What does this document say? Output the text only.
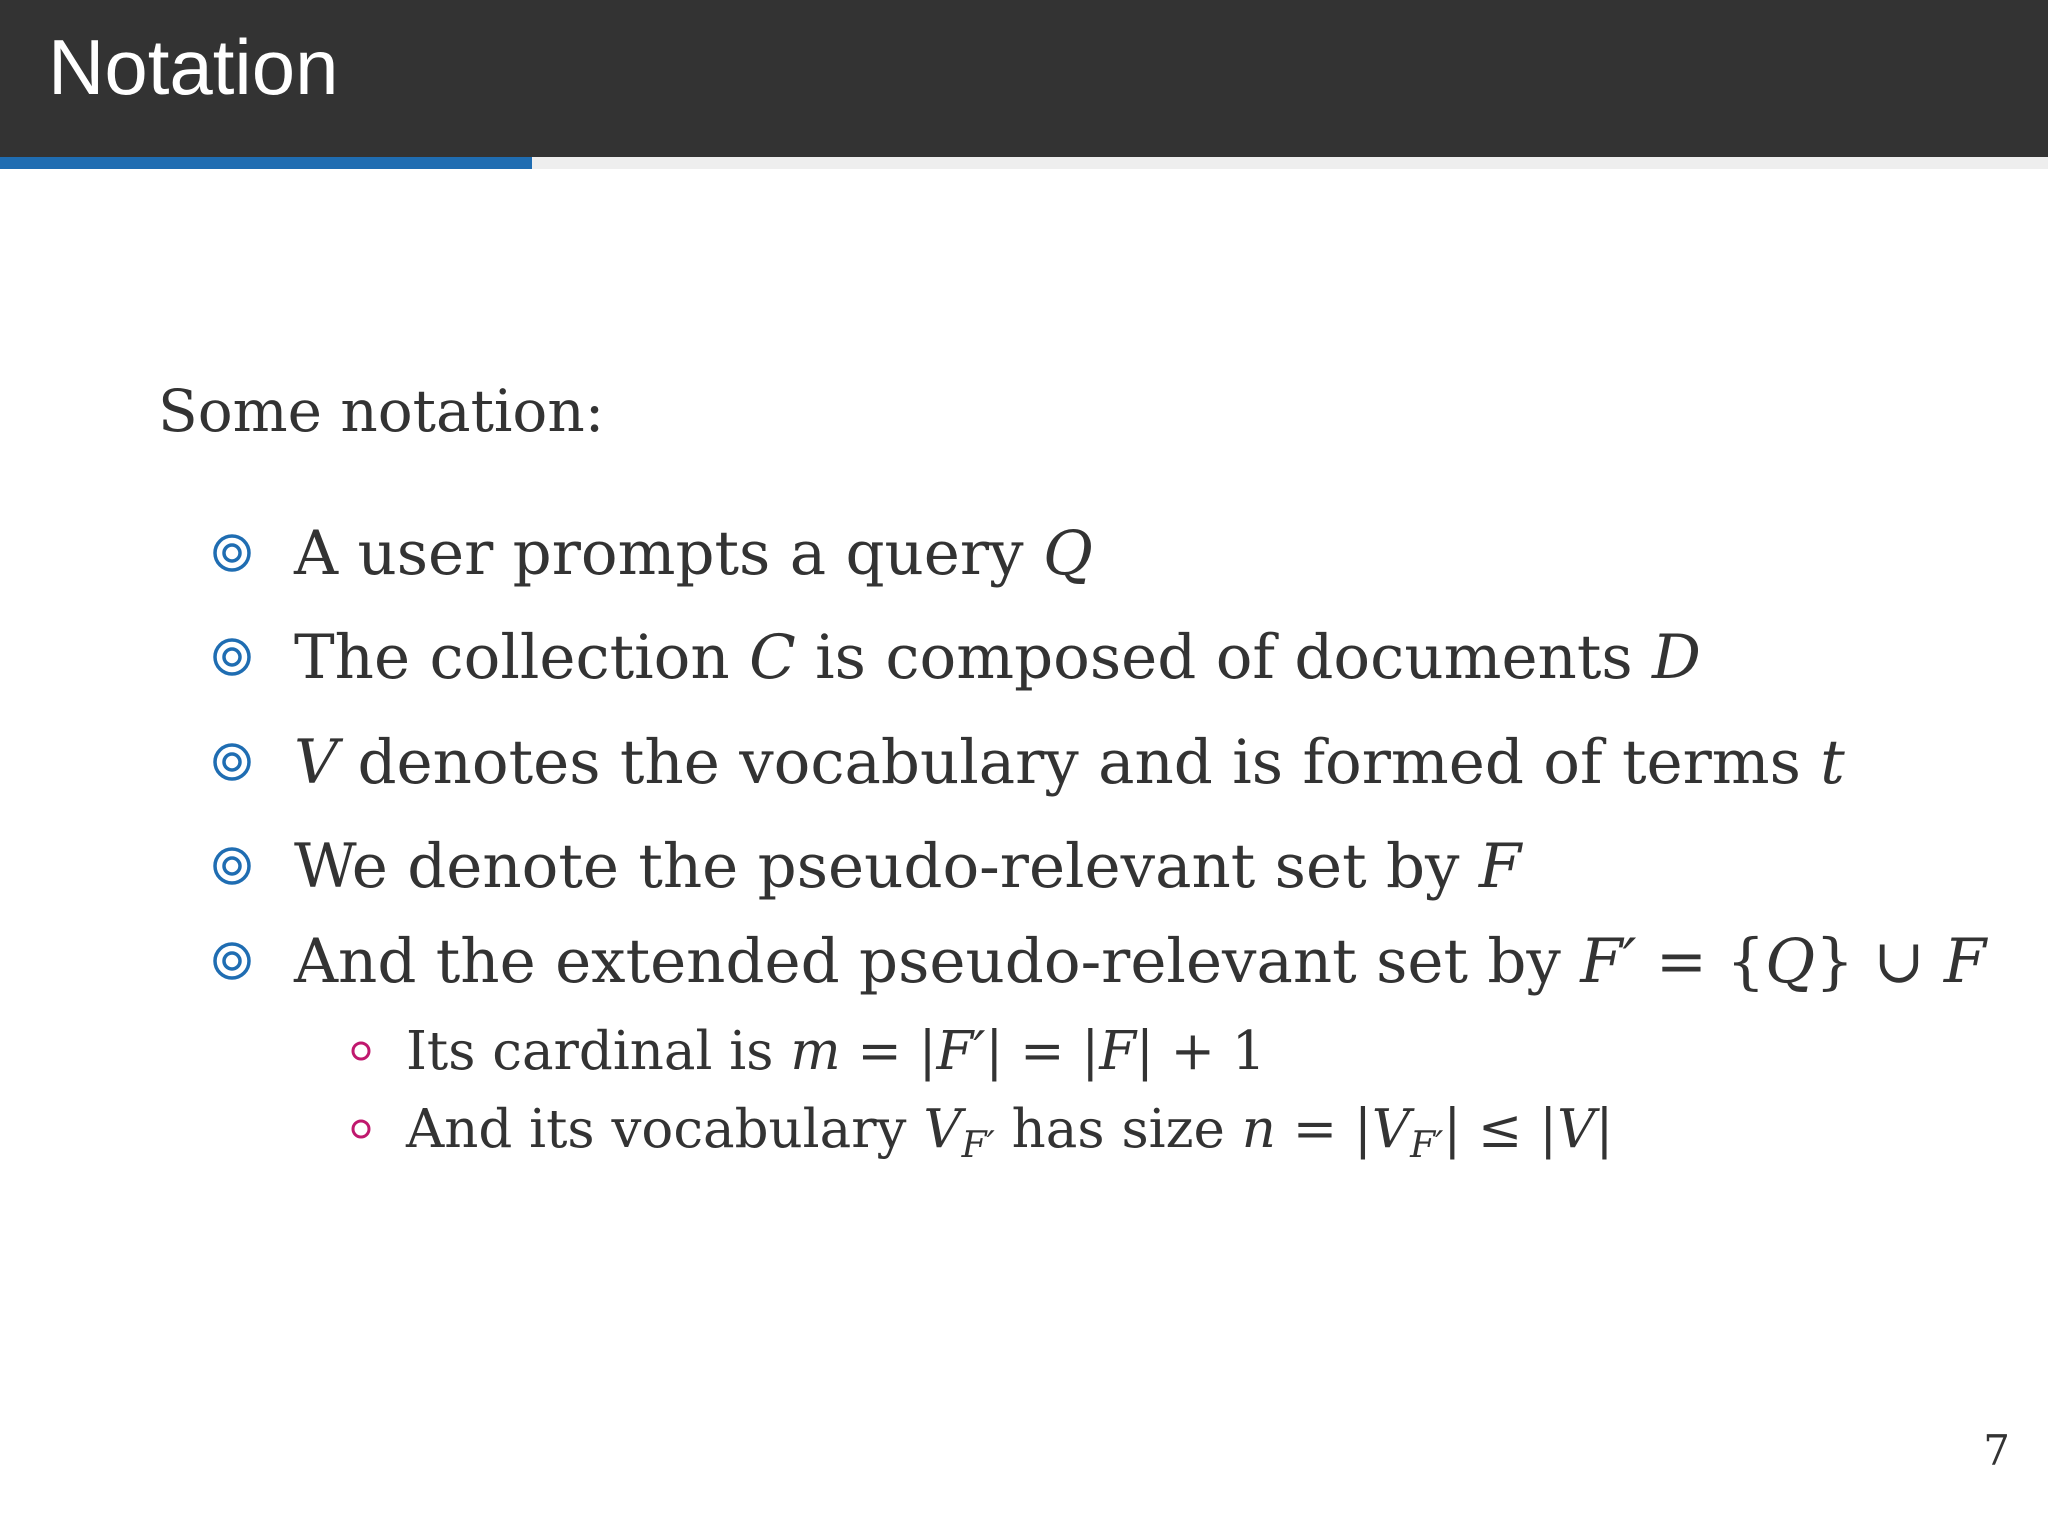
Notation
Some notation:
A user prompts a query Q
The collection C is composed of documents D
V denotes the vocabulary and is formed of terms t
We denote the pseudo-relevant set by F
And the extended pseudo-relevant set by F′ = {Q} ∪ F
Its cardinal is m = |F′| = |F| + 1
And its vocabulary $V_{F'}$ has size $n = |V_{F'}| \le |V|$
7
